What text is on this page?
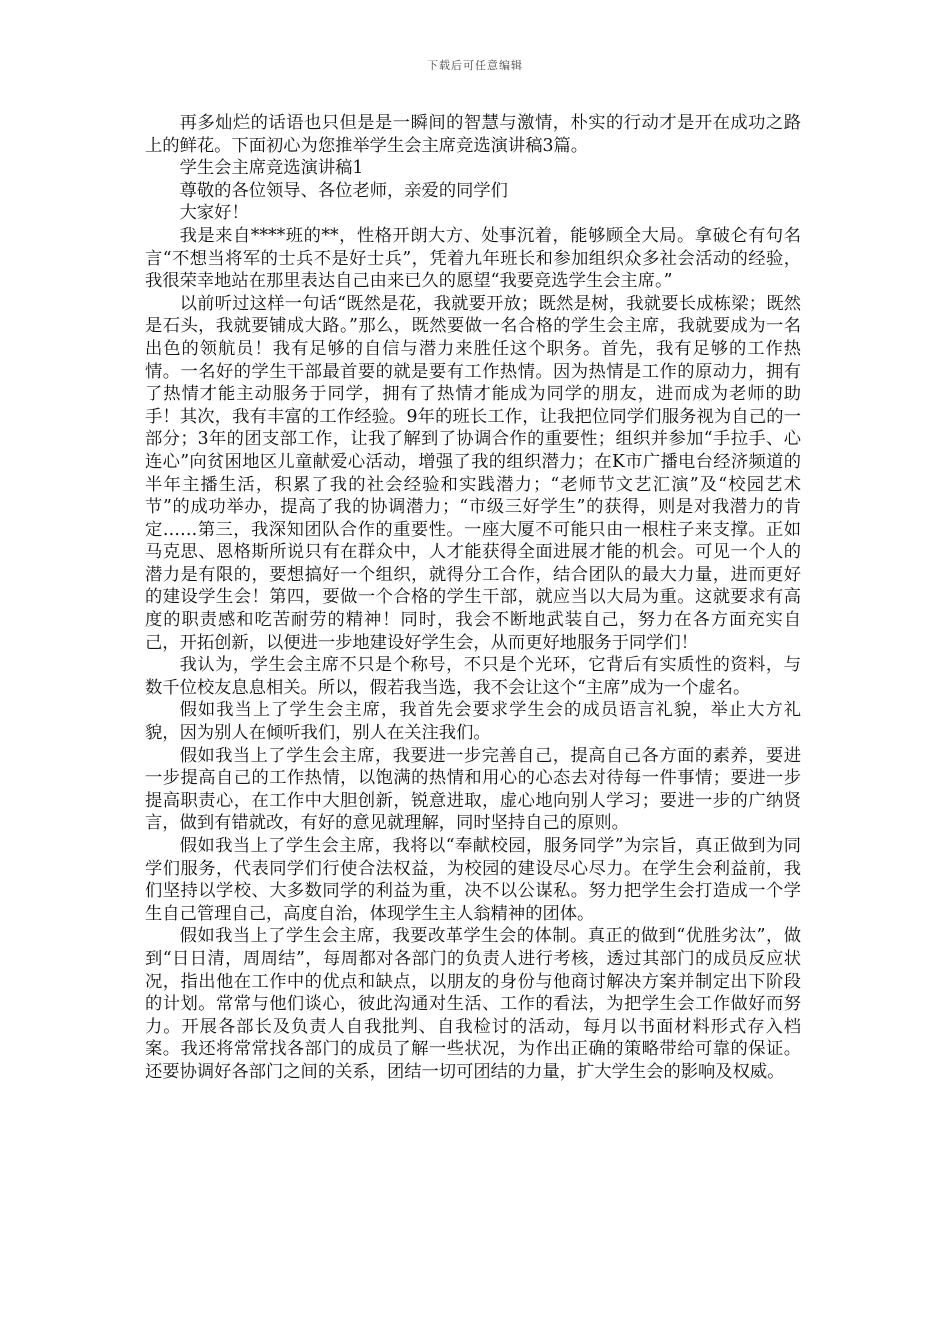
下载后可任意编辑

再多灿烂的话语也只但是是一瞬间的智慧与激情，朴实的行动才是开在成功之路上的鲜花。下面初心为您推举学生会主席竞选演讲稿3篇。

学生会主席竞选演讲稿1

尊敬的各位领导、各位老师，亲爱的同学们

大家好！

我是来自****班的**，性格开朗大方、处事沉着，能够顾全大局。拿破仑有句名言“不想当将军的士兵不是好士兵”，凭着九年班长和参加组织众多社会活动的经验，我很荣幸地站在那里表达自己由来已久的愿望“我要竞选学生会主席。”

以前听过这样一句话“既然是花，我就要开放；既然是树，我就要长成栋梁；既然是石头，我就要铺成大路。”那么，既然要做一名合格的学生会主席，我就要成为一名出色的领航员！我有足够的自信与潜力来胜任这个职务。首先，我有足够的工作热情。一名好的学生干部最首要的就是要有工作热情。因为热情是工作的原动力，拥有了热情才能主动服务于同学，拥有了热情才能成为同学的朋友，进而成为老师的助手！其次，我有丰富的工作经验。9年的班长工作，让我把位同学们服务视为自己的一部分；3年的团支部工作，让我了解到了协调合作的重要性；组织并参加“手拉手、心连心”向贫困地区儿童献爱心活动，增强了我的组织潜力；在K市广播电台经济频道的半年主播生活，积累了我的社会经验和实践潜力；“老师节文艺汇演”及“校园艺术节”的成功举办，提高了我的协调潜力；“市级三好学生”的获得，则是对我潜力的肯定……第三，我深知团队合作的重要性。一座大厦不可能只由一根柱子来支撑。正如马克思、恩格斯所说只有在群众中，人才能获得全面进展才能的机会。可见一个人的潜力是有限的，要想搞好一个组织，就得分工合作，结合团队的最大力量，进而更好的建设学生会！第四，要做一个合格的学生干部，就应当以大局为重。这就要求有高度的职责感和吃苦耐劳的精神！同时，我会不断地武装自己，努力在各方面充实自己，开拓创新，以便进一步地建设好学生会，从而更好地服务于同学们！

我认为，学生会主席不只是个称号，不只是个光环，它背后有实质性的资料，与数千位校友息息相关。所以，假若我当选，我不会让这个“主席”成为一个虚名。

假如我当上了学生会主席，我首先会要求学生会的成员语言礼貌，举止大方礼貌，因为别人在倾听我们，别人在关注我们。

假如我当上了学生会主席，我要进一步完善自己，提高自己各方面的素养，要进一步提高自己的工作热情，以饱满的热情和用心的心态去对待每一件事情；要进一步提高职责心，在工作中大胆创新，锐意进取，虚心地向别人学习；要进一步的广纳贤言，做到有错就改，有好的意见就理解，同时坚持自己的原则。

假如我当上了学生会主席，我将以“奉献校园，服务同学”为宗旨，真正做到为同学们服务，代表同学们行使合法权益，为校园的建设尽心尽力。在学生会利益前，我们坚持以学校、大多数同学的利益为重，决不以公谋私。努力把学生会打造成一个学生自己管理自己，高度自治，体现学生主人翁精神的团体。

假如我当上了学生会主席，我要改革学生会的体制。真正的做到“优胜劣汰”，做到“日日清，周周结”，每周都对各部门的负责人进行考核，透过其部门的成员反应状况，指出他在工作中的优点和缺点，以朋友的身份与他商讨解决方案并制定出下阶段的计划。常常与他们谈心，彼此沟通对生活、工作的看法，为把学生会工作做好而努力。开展各部长及负责人自我批判、自我检讨的活动，每月以书面材料形式存入档案。我还将常常找各部门的成员了解一些状况，为作出正确的策略带给可靠的保证。还要协调好各部门之间的关系，团结一切可团结的力量，扩大学生会的影响及权威。
